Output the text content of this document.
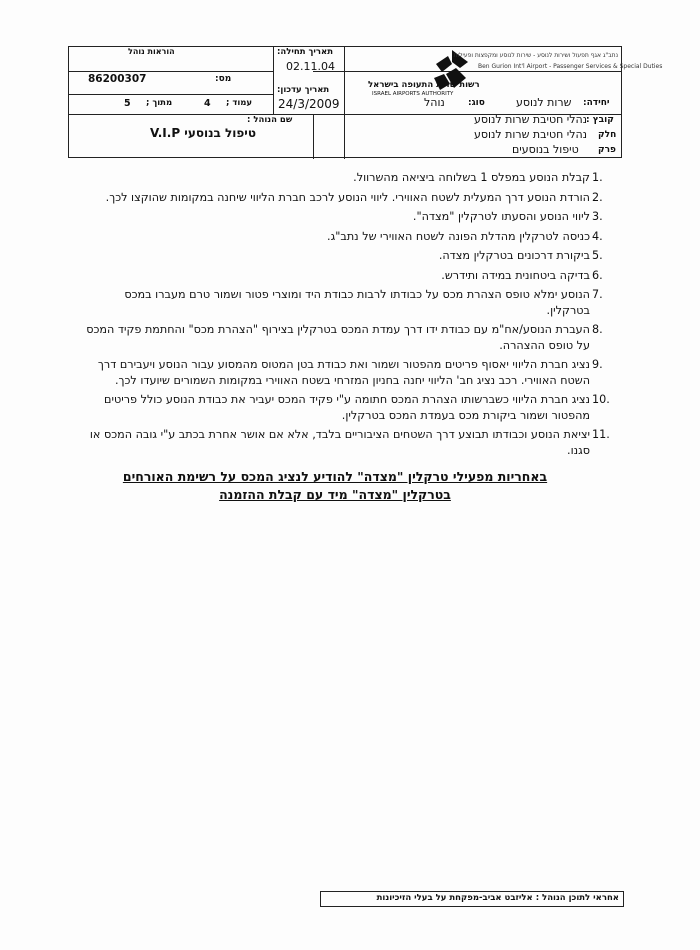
הוראות נוהל
מס:
86200307
עמוד ;
4
מתוך ;
5
תאריך תחילה:
02.11.04
תאריך עדכון:
24/3/2009
שם הנוהל :
טיפול בנוסעי V.I.P
נתב"ג אגף תפעול ושירות לנוסע - שירות לנוסע ומקפצות ופעילות
Ben Gurion Int'l Airport - Passenger Services & Special Duties
רשות שדות התעופה בישראל
ISRAEL AIRPORTS AUTHORITY
יחידה:
שרות לנוסע
סוג:
נוהל
קובץ :
נהלי חטיבת שרות לנוסע
חלק
נהלי חטיבת שרות לנוסע
פרק
טיפול בנוסעים
1.
קבלת הנוסע במפלס 1 בשלוחה ביציאה מהשרוול.
2.
הורדת הנוסע דרך המעלית לשטח האווירי. ליווי הנוסע לרכב חברת הליווי שיחנה במקומות שהוקצו לכך.
3.
ליווי הנוסע והסעתו לטרקלין "מצדה".
4.
כניסה לטרקלין מהדלת הפונה לשטח האווירי של נתב"ג.
5.
ביקורת דרכונים בטרקלין מצדה.
6.
בדיקה ביטחונית במידה ותידרש.
7.
הנוסע ימלא טופס הצהרת מכס על כבודתו לרבות כבודת היד ומוצרי פטור ושמור טרם מעברו במכס בטרקלין.
8.
העברת הנוסע/אח"מ עם כבודת ידו דרך עמדת המכס בטרקלין בצירוף "הצהרת מכס" והחתמת פקיד המכס על טופס ההצהרה.
9.
נציג חברת הליווי יאסוף פריטים מהפטור ושמור ואת כבודת בטן המטוס מהמסוע עבור הנוסע ויעבירם דרך השטח האווירי. רכב נציג חב' הליווי יחנה בחניון המזרחי בשטח האווירי במקומות השמורים שיועדו לכך.
10.
נציג חברת הליווי כשברשותו הצהרת המכס חתומה ע"י פקיד המכס יעביר את כבודת הנוסע כולל פריטים מהפטור ושמור ביקורת מכס בעמדת המכס בטרקלין.
11.
יציאת הנוסע וכבודתו תבוצע דרך השטחים הציבוריים בלבד, אלא אם אושר אחרת בכתב ע"י גובה המכס או סגנו.
באחריות מפעילי טרקלין "מצדה" להודיע לנציג המכס על רשימת האורחים
בטרקלין "מצדה" מיד עם קבלת ההזמנה
אחראי לתוכן הנוהל : אליזבט אביב-מפקחת על בעלי הזיכיונות
